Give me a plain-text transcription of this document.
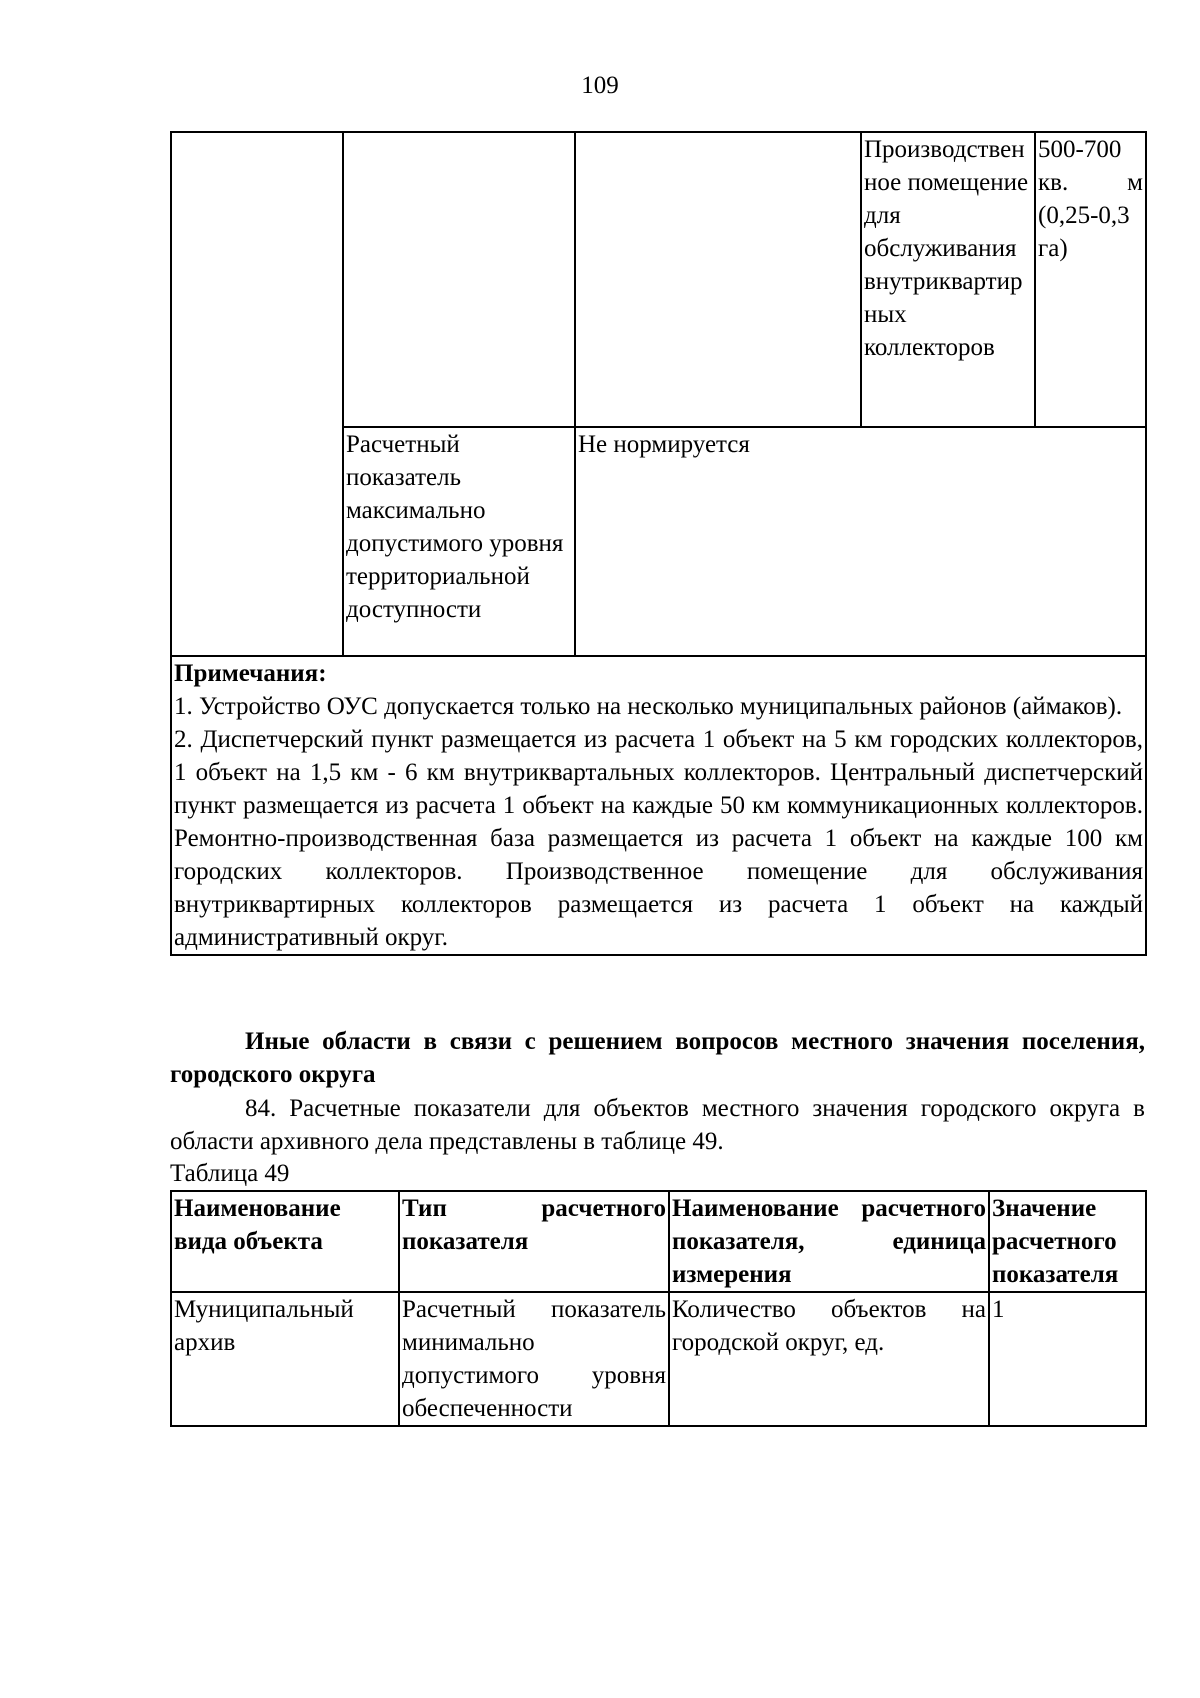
109
			Производственное помещение для обслуживания внутриквартирных коллекторов	500-700
кв. м
(0,25-0,3 га)

	Расчетный показатель максимально допустимого уровня территориальной доступности	Не нормируется		

Примечания:

1. Устройство ОУС допускается только на несколько муниципальных районов (аймаков).

2. Диспетчерский пункт размещается из расчета 1 объект на 5 км городских коллекторов, 1 объект на 1,5 км - 6 км внутриквартальных коллекторов. Центральный диспетчерский пункт размещается из расчета 1 объект на каждые 50 км коммуникационных коллекторов. Ремонтно-производственная база размещается из расчета 1 объект на каждые 100 км городских коллекторов. Производственное помещение для обслуживания внутриквартирных коллекторов размещается из расчета 1 объект на каждый административный округ.				

Иные области в связи с решением вопросов местного значения поселения, городского округа

84. Расчетные показатели для объектов местного значения городского округа в области архивного дела представлены в таблице 49.

Таблица 49
Наименование вида объекта	Тип расчетного показателя	Наименование расчетного показателя, единица измерения	Значение расчетного показателя
Муниципальный архив	Расчетный показатель минимально допустимого уровня обеспеченности	Количество объектов на городской округ, ед.	1
